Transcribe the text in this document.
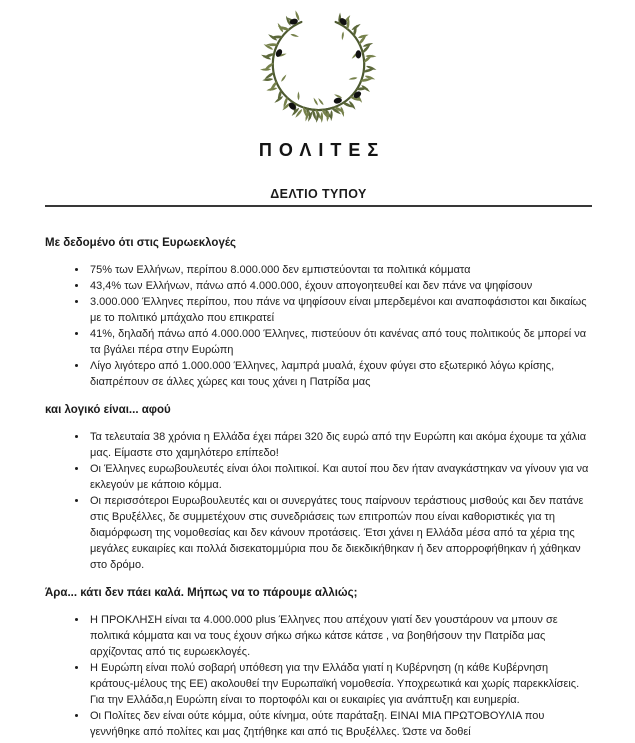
ΠΟΛΙΤΕΣ
ΔΕΛΤΙΟ ΤΥΠΟΥ
Με δεδομένο ότι στις Ευρωεκλογές
• 75% των Ελλήνων, περίπου 8.000.000 δεν εμπιστεύονται τα πολιτικά κόμματα
• 43,4% των Ελλήνων, πάνω από 4.000.000, έχουν απογοητευθεί και δεν πάνε να ψηφίσουν
• 3.000.000 Έλληνες περίπου, που πάνε να ψηφίσουν είναι μπερδεμένοι και αναποφάσιστοι και δικαίως με το πολιτικό μπάχαλο που επικρατεί
• 41%, δηλαδή πάνω από 4.000.000 Έλληνες, πιστεύουν ότι κανένας από τους πολιτικούς δε μπορεί να τα βγάλει πέρα στην Ευρώπη
• Λίγο λιγότερο από 1.000.000 Έλληνες, λαμπρά μυαλά, έχουν φύγει στο εξωτερικό λόγω κρίσης, διαπρέπουν σε άλλες χώρες και τους χάνει η Πατρίδα μας
και λογικό είναι... αφού
• Τα τελευταία 38 χρόνια η Ελλάδα έχει πάρει 320 δις ευρώ από την Ευρώπη και ακόμα έχουμε τα χάλια μας. Είμαστε στο χαμηλότερο επίπεδο!
• Οι Έλληνες ευρωβουλευτές είναι όλοι πολιτικοί. Και αυτοί που δεν ήταν αναγκάστηκαν να γίνουν για να εκλεγούν με κάποιο κόμμα.
• Οι περισσότεροι Ευρωβουλευτές και οι συνεργάτες τους παίρνουν τεράστιους μισθούς και δεν πατάνε στις Βρυξέλλες, δε συμμετέχουν στις συνεδριάσεις των επιτροπών που είναι καθοριστικές για τη διαμόρφωση της νομοθεσίας και δεν κάνουν προτάσεις. Έτσι χάνει η Ελλάδα μέσα από τα χέρια της μεγάλες ευκαιρίες και πολλά δισεκατομμύρια που δε διεκδικήθηκαν ή δεν απορροφήθηκαν ή χάθηκαν στο δρόμο.
Άρα... κάτι δεν πάει καλά. Μήπως να το πάρουμε αλλιώς;
• Η ΠΡΟΚΛΗΣΗ είναι τα 4.000.000 plus Έλληνες που απέχουν γιατί δεν γουστάρουν να μπουν σε πολιτικά κόμματα και να τους έχουν σήκω σήκω κάτσε κάτσε , να βοηθήσουν την Πατρίδα μας αρχίζοντας από τις ευρωεκλογές.
• Η Ευρώπη είναι πολύ σοβαρή υπόθεση για την Ελλάδα γιατί η Κυβέρνηση (η κάθε Κυβέρνηση κράτους-μέλους της ΕΕ) ακολουθεί την Ευρωπαϊκή νομοθεσία. Υποχρεωτικά και χωρίς παρεκκλίσεις. Για την Ελλάδα,η Ευρώπη είναι το πορτοφόλι και οι ευκαιρίες για ανάπτυξη και ευημερία.
• Οι Πολίτες δεν είναι ούτε κόμμα, ούτε κίνημα, ούτε παράταξη. ΕΙΝΑΙ ΜΙΑ ΠΡΩΤΟΒΟΥΛΙΑ που γεννήθηκε από πολίτες και μας ζητήθηκε και από τις Βρυξέλλες. Ώστε να δοθεί
